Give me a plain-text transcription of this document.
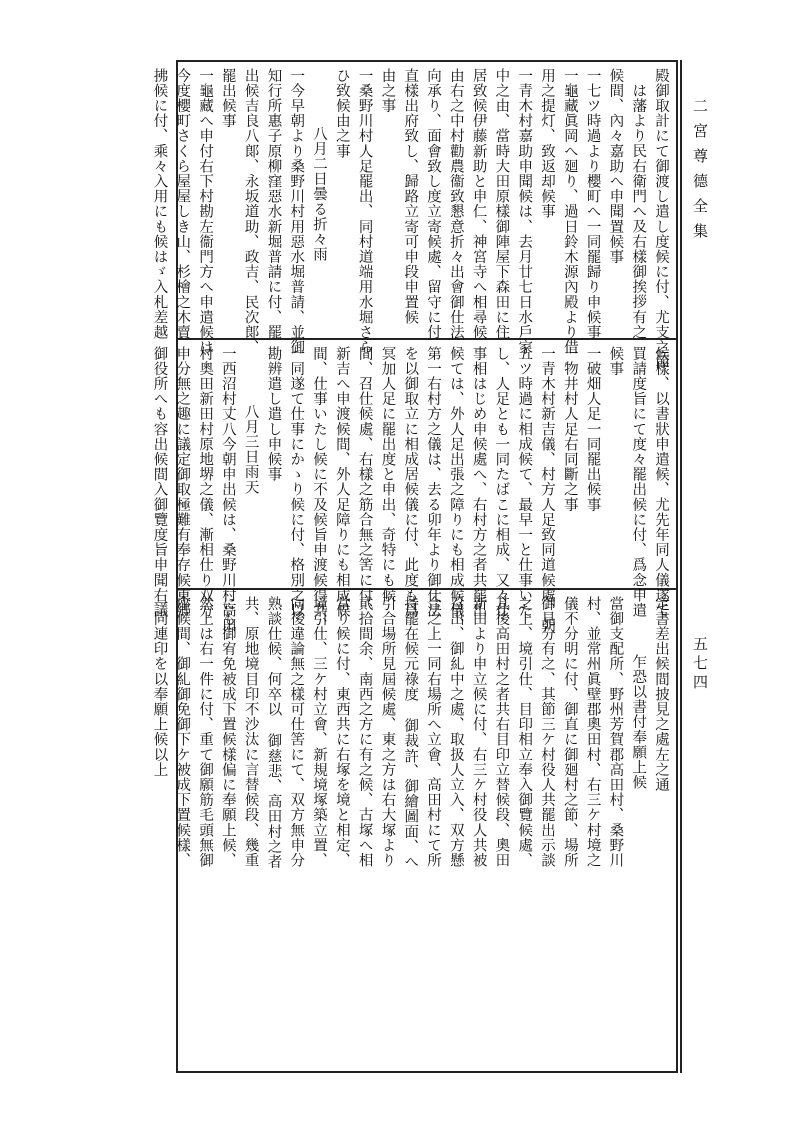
二宮尊德全集
五七四
殿御取計にて御渡し遣し度候に付、尤支之節
は藩より民右衛門へ及右樣御挨拶有之
候間、內々嘉助へ申聞置候事
一七ツ時過より櫻町へ一同罷歸り申候事
一龜藏眞岡へ廻り、過日鈴木源內殿より借
用之提灯、致返却候事
一青木村嘉助申聞候は、去月廿七日水戶家
中之由、當時大田原樣御陣屋下森田に住
居致候伊藤新助と申仁、神宮寺へ相尋候
由右之中村勸農衞致懇意折々出會御仕法
向承り、面會致し度立寄候處、留守に付
直樣出府致し、歸路立寄可申段申置候
由之事
一桑野川村人足罷出、同村道端用水堀さら
ひ致候由之事
八月二日曇る折々雨
一今早朝より桑野川村用惡水堀普請、並御
知行所惠子原柳窪惡水新堀普請に付、罷
出候吉良八郞、永坂道助、政吉、民次郞、
罷出候事
一龜藏へ申付右下村勘左衞門方へ申遣候は
今度櫻町さくら屋屋しき山、杉檜之木賣
拂候に付、乘々入用にも候はゞ入札差越
候樣、以書狀申遣候、尤先年同人儀遂て
買請度旨にて度々罷出候に付、爲念申遣
候事
一破畑人足一同罷出候事
一物井村人足右同斷之事
一青木村新吉儀、村方人足致同道候處、朝
五ツ時過に相成候て、最早一と仕事いた
し、人足とも一同たばこに相成、又々仕
事相はじめ申候處へ、右村方之者共罷出
候ては、外人足出張之障りにも相成候儀、
第一右村方之儀は、去る卯年より御仕法
を以御取立に相成居候儀に付、此度も爲
冥加人足に罷出度と申出、奇特にも候
間、召仕候處、右樣之筋合無之筈に付、
新吉へ申渡候間、外人足障りにも相成候
間、仕事いたし候に不及候旨申渡候得共、
一同遂て仕事にかゝり候に付、格別之以
勘辨遣し遣し申候事
八月三日雨天
一西沼村丈八今朝申出候は、桑野川村高田
村奧田新田村原地堺之儀、漸相仕り双方
申分無之趣に議定御取極難有奉存候東郷
御役所へも容出候間入御覽度旨申聞右議
定書差出候間披見之處左之通
乍恐以書付奉願上候
當御支配所、野州芳賀郡高田村、桑野川
村、並常州眞壁郡奧田村、右三ケ村境之
儀不分明に付、御直に御廻村之節、場所
御見分有之、其節三ケ村役人共罷出示談
之上、境引仕、目印相立奉入御覽候處、
其後高田村之者共右目印立替候段、奧田
新田より申立候に付、右三ケ村役人共被
召出、御糺中之處、取扱人立入、双方懸
合之上一同右場所へ立會、高田村にて所
持罷在候元祿度 御裁許、御繪圖面、へ
引合場所見屆候處、東之方は右大塚より
貮拾間余、南西之方に有之候、古塚へ相
當り候に付、東西共に右塚を境と相定、
境引仕、三ケ村立會、新規境塚築立置、
向後違論無之樣可仕筈にて、双方無申分
熟談仕候、何卒以 御慈悲、高田村之者
共、原地境目印不沙汰に言替候段、幾重
にも御宥免被成下置候樣偏に奉願上候、
然上は右一件に付、重て御願筋毛頭無御
座候間、御糺御免御下ケ被成下置候樣、
一同連印を以奉願上候以上
